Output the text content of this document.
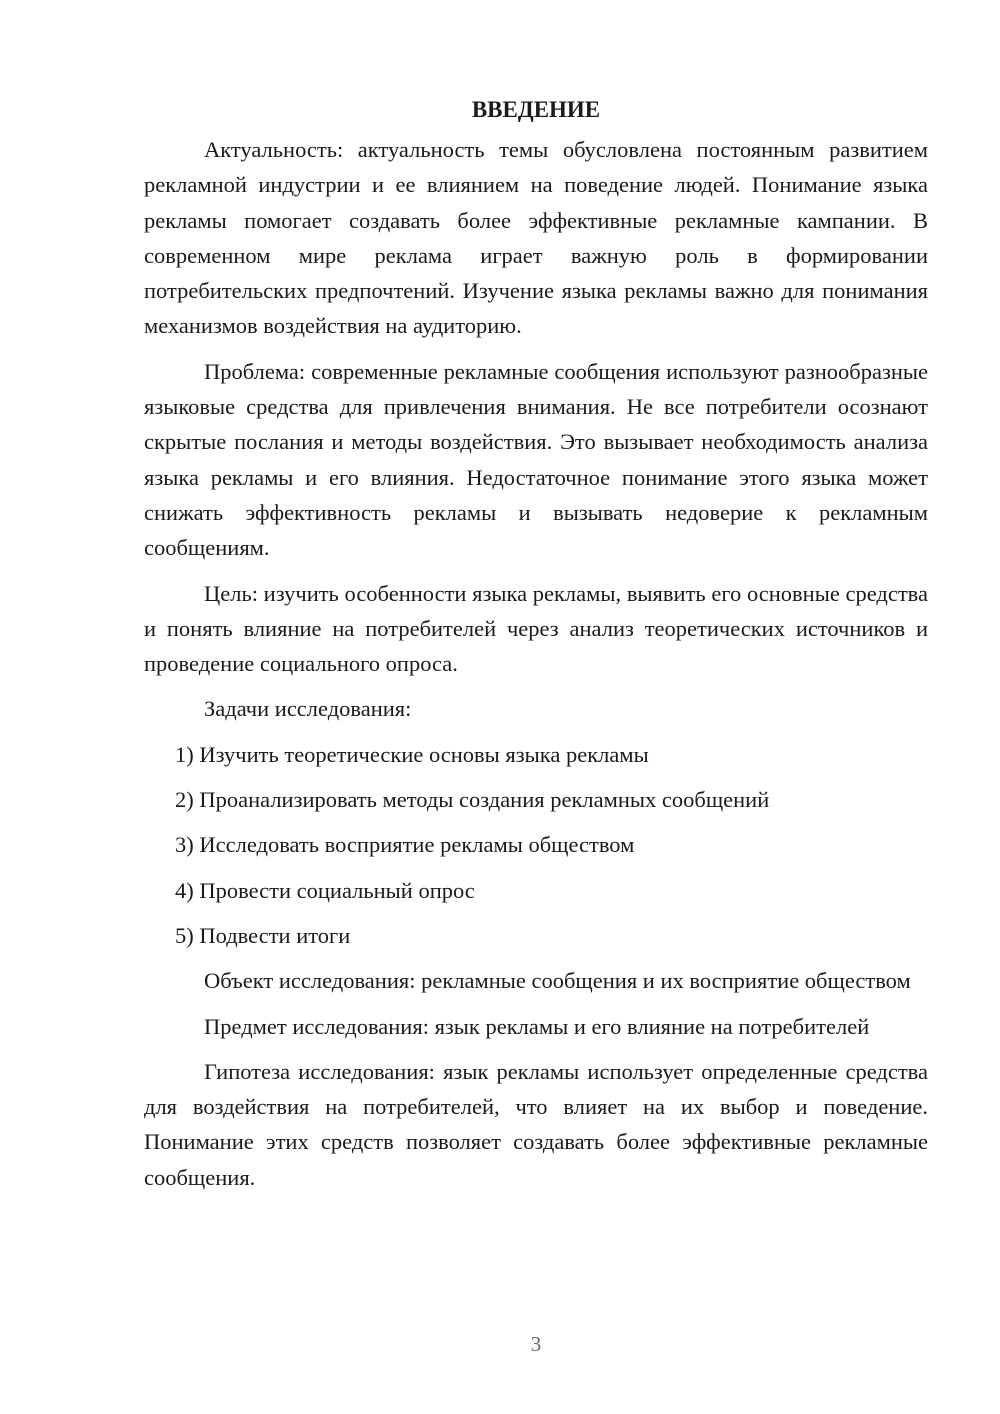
ВВЕДЕНИЕ

Актуальность: актуальность темы обусловлена постоянным развитием рекламной индустрии и ее влиянием на поведение людей. Понимание языка рекламы помогает создавать более эффективные рекламные кампании. В современном мире реклама играет важную роль в формировании потребительских предпочтений. Изучение языка рекламы важно для понимания механизмов воздействия на аудиторию.

Проблема: современные рекламные сообщения используют разнообразные языковые средства для привлечения внимания. Не все потребители осознают скрытые послания и методы воздействия. Это вызывает необходимость анализа языка рекламы и его влияния. Недостаточное понимание этого языка может снижать эффективность рекламы и вызывать недоверие к рекламным сообщениям.

Цель: изучить особенности языка рекламы, выявить его основные средства и понять влияние на потребителей через анализ теоретических источников и проведение социального опроса.

Задачи исследования:

1) Изучить теоретические основы языка рекламы

2) Проанализировать методы создания рекламных сообщений

3) Исследовать восприятие рекламы обществом

4) Провести социальный опрос

5) Подвести итоги

Объект исследования: рекламные сообщения и их восприятие обществом

Предмет исследования: язык рекламы и его влияние на потребителей

Гипотеза исследования: язык рекламы использует определенные средства для воздействия на потребителей, что влияет на их выбор и поведение. Понимание этих средств позволяет создавать более эффективные рекламные сообщения.

3
